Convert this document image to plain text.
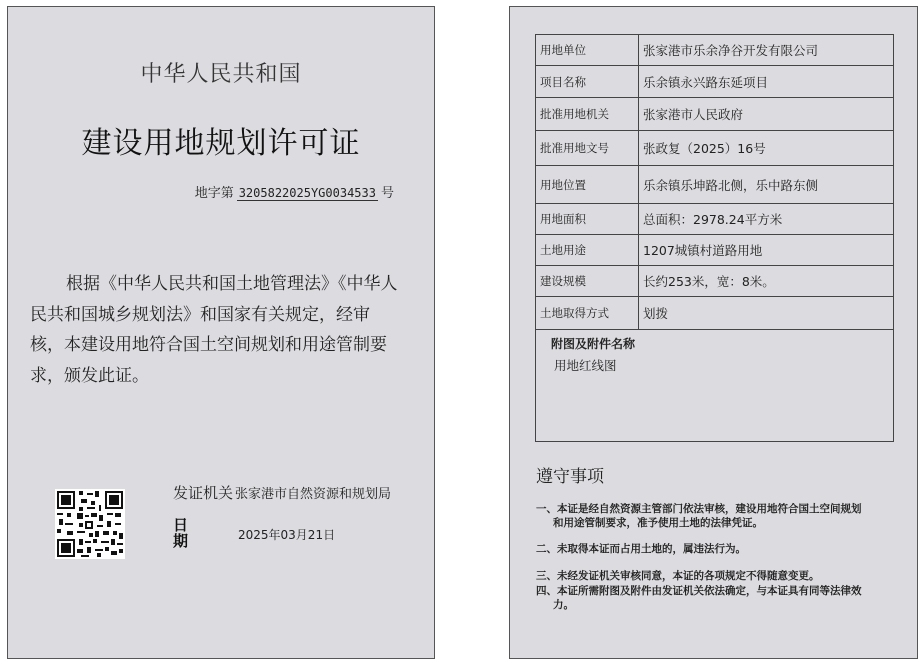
中华人民共和国
建设用地规划许可证
地字第 3205822025YG0034533 号
根据《中华人民共和国土地管理法》《中华人民共和国城乡规划法》和国家有关规定，经审核，本建设用地符合国土空间规划和用途管制要求，颁发此证。
发证机关 张家港市自然资源和规划局
日
期	2025年03月21日
用地单位	张家港市乐余净谷开发有限公司
项目名称	乐余镇永兴路东延项目
批准用地机关	张家港市人民政府
批准用地文号	张政复（2025）16号
用地位置	乐余镇乐坤路北侧，乐中路东侧
用地面积	总面积：2978.24平方米
土地用途	1207城镇村道路用地
建设规模	长约253米，宽：8米。
土地取得方式	划拨
附图及附件名称
用地红线图
遵守事项
一、本证是经自然资源主管部门依法审核，建设用地符合国土空间规划
和用途管制要求，准予使用土地的法律凭证。
二、未取得本证而占用土地的，属违法行为。
三、未经发证机关审核同意，本证的各项规定不得随意变更。
四、本证所需附图及附件由发证机关依法确定，与本证具有同等法律效
力。
